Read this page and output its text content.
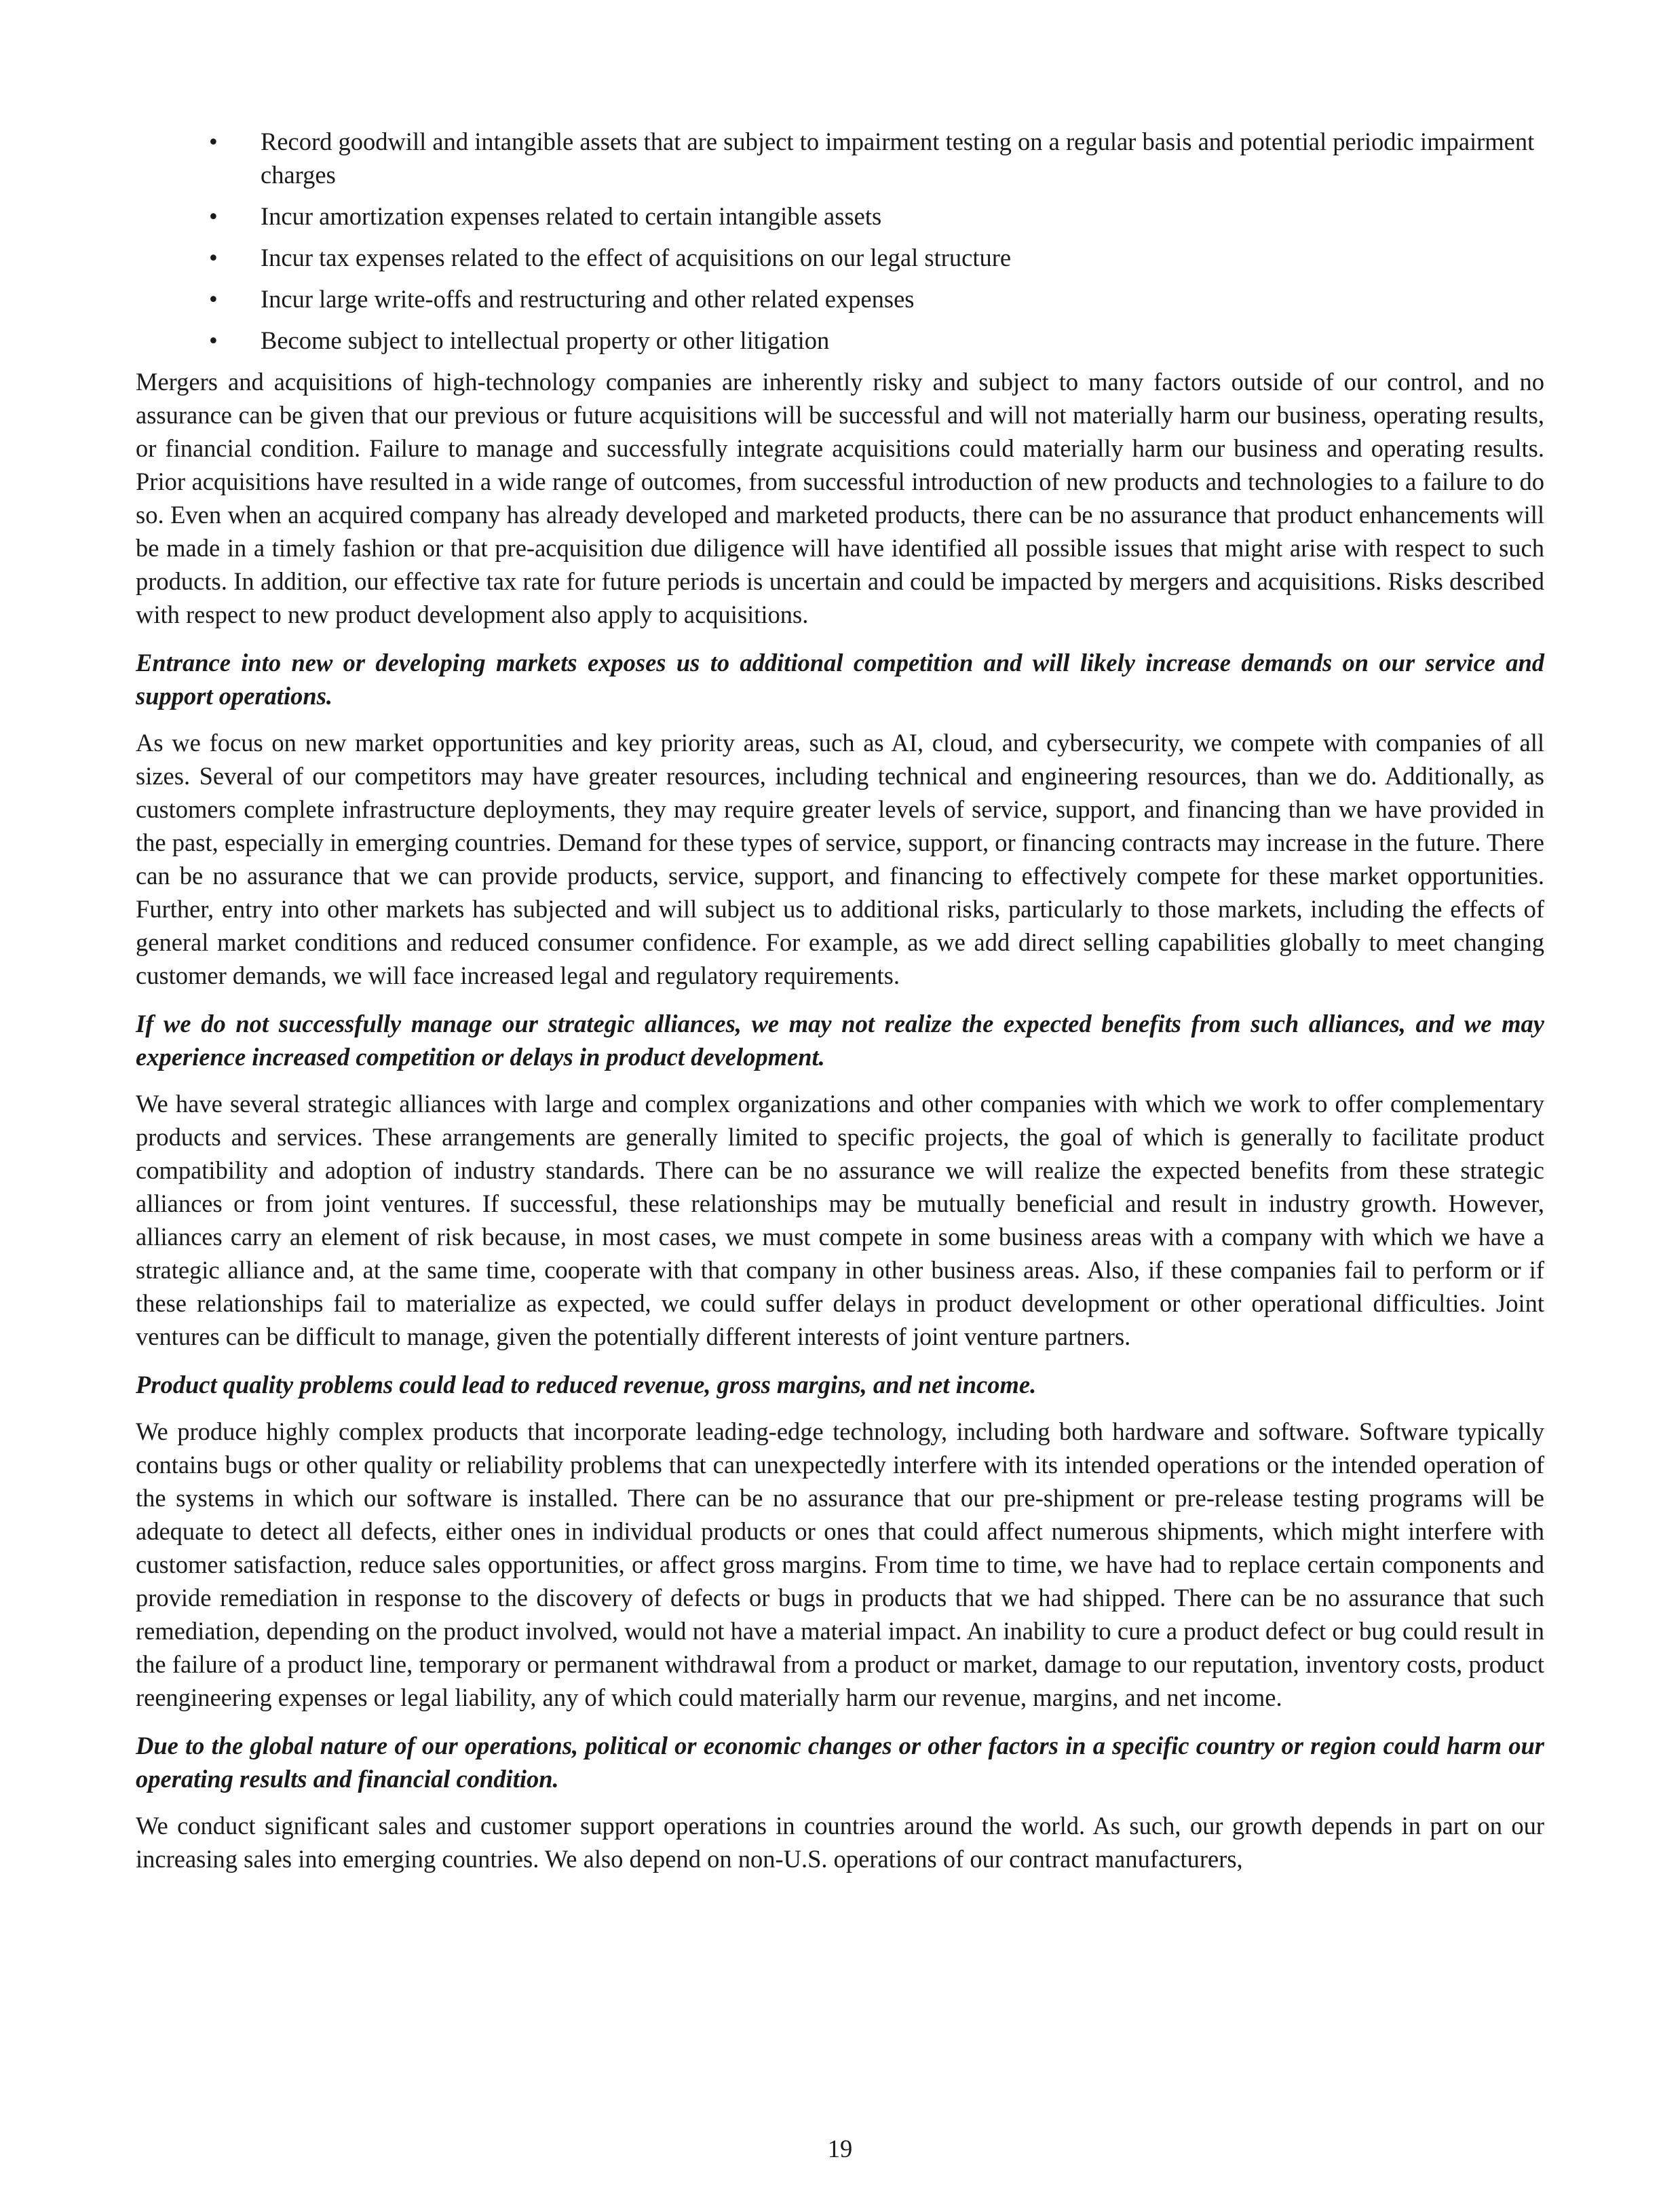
• Record goodwill and intangible assets that are subject to impairment testing on a regular basis and potential periodic impairment charges
• Incur amortization expenses related to certain intangible assets
• Incur tax expenses related to the effect of acquisitions on our legal structure
• Incur large write-offs and restructuring and other related expenses
• Become subject to intellectual property or other litigation

Mergers and acquisitions of high-technology companies are inherently risky and subject to many factors outside of our control, and no assurance can be given that our previous or future acquisitions will be successful and will not materially harm our business, operating results, or financial condition. Failure to manage and successfully integrate acquisitions could materially harm our business and operating results. Prior acquisitions have resulted in a wide range of outcomes, from successful introduction of new products and technologies to a failure to do so. Even when an acquired company has already developed and marketed products, there can be no assurance that product enhancements will be made in a timely fashion or that pre-acquisition due diligence will have identified all possible issues that might arise with respect to such products. In addition, our effective tax rate for future periods is uncertain and could be impacted by mergers and acquisitions. Risks described with respect to new product development also apply to acquisitions.

Entrance into new or developing markets exposes us to additional competition and will likely increase demands on our service and support operations.

As we focus on new market opportunities and key priority areas, such as AI, cloud, and cybersecurity, we compete with companies of all sizes. Several of our competitors may have greater resources, including technical and engineering resources, than we do. Additionally, as customers complete infrastructure deployments, they may require greater levels of service, support, and financing than we have provided in the past, especially in emerging countries. Demand for these types of service, support, or financing contracts may increase in the future. There can be no assurance that we can provide products, service, support, and financing to effectively compete for these market opportunities. Further, entry into other markets has subjected and will subject us to additional risks, particularly to those markets, including the effects of general market conditions and reduced consumer confidence. For example, as we add direct selling capabilities globally to meet changing customer demands, we will face increased legal and regulatory requirements.

If we do not successfully manage our strategic alliances, we may not realize the expected benefits from such alliances, and we may experience increased competition or delays in product development.

We have several strategic alliances with large and complex organizations and other companies with which we work to offer complementary products and services. These arrangements are generally limited to specific projects, the goal of which is generally to facilitate product compatibility and adoption of industry standards. There can be no assurance we will realize the expected benefits from these strategic alliances or from joint ventures. If successful, these relationships may be mutually beneficial and result in industry growth. However, alliances carry an element of risk because, in most cases, we must compete in some business areas with a company with which we have a strategic alliance and, at the same time, cooperate with that company in other business areas. Also, if these companies fail to perform or if these relationships fail to materialize as expected, we could suffer delays in product development or other operational difficulties. Joint ventures can be difficult to manage, given the potentially different interests of joint venture partners.

Product quality problems could lead to reduced revenue, gross margins, and net income.

We produce highly complex products that incorporate leading-edge technology, including both hardware and software. Software typically contains bugs or other quality or reliability problems that can unexpectedly interfere with its intended operations or the intended operation of the systems in which our software is installed. There can be no assurance that our pre-shipment or pre-release testing programs will be adequate to detect all defects, either ones in individual products or ones that could affect numerous shipments, which might interfere with customer satisfaction, reduce sales opportunities, or affect gross margins. From time to time, we have had to replace certain components and provide remediation in response to the discovery of defects or bugs in products that we had shipped. There can be no assurance that such remediation, depending on the product involved, would not have a material impact. An inability to cure a product defect or bug could result in the failure of a product line, temporary or permanent withdrawal from a product or market, damage to our reputation, inventory costs, product reengineering expenses or legal liability, any of which could materially harm our revenue, margins, and net income.

Due to the global nature of our operations, political or economic changes or other factors in a specific country or region could harm our operating results and financial condition.

We conduct significant sales and customer support operations in countries around the world. As such, our growth depends in part on our increasing sales into emerging countries. We also depend on non-U.S. operations of our contract manufacturers,

19
